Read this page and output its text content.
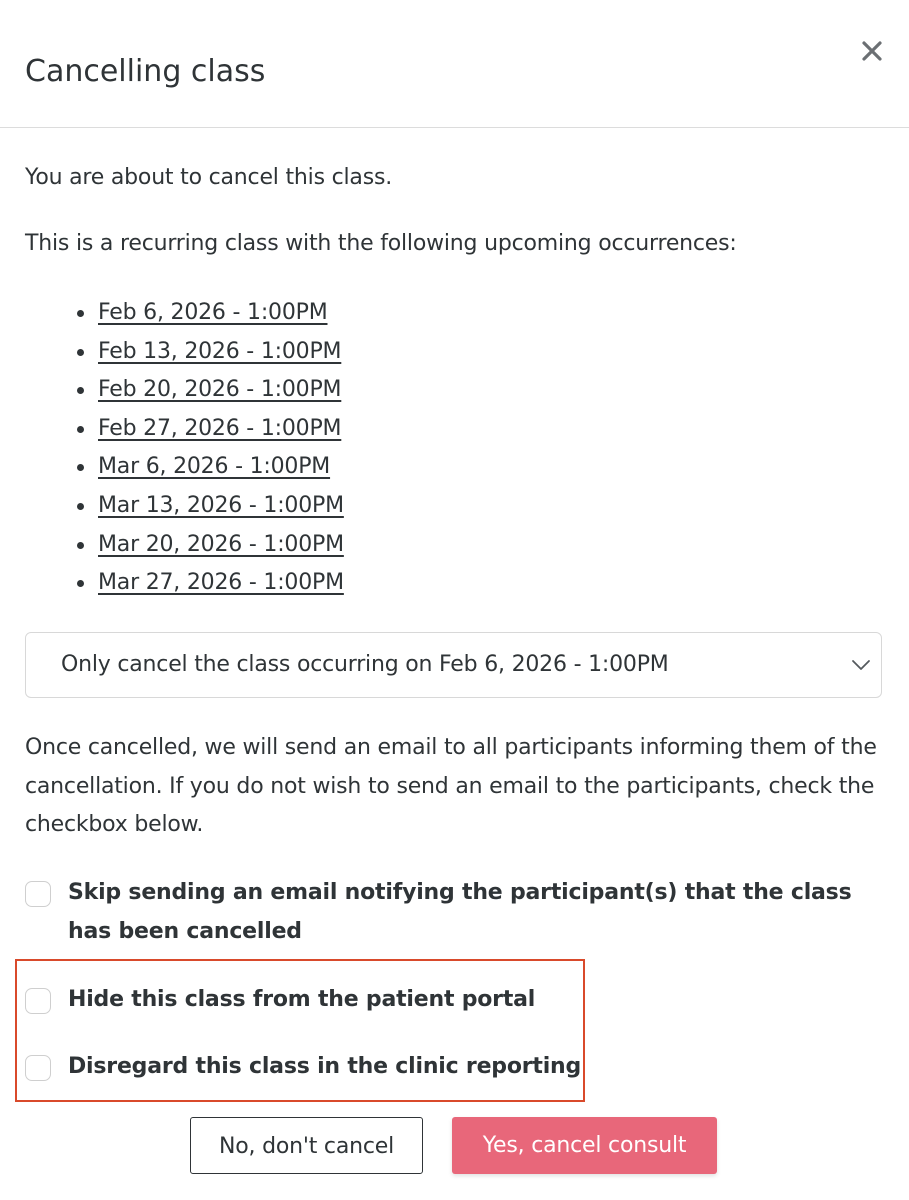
Cancelling class

You are about to cancel this class.

This is a recurring class with the following upcoming occurrences:

Feb 6, 2026 - 1:00PM
Feb 13, 2026 - 1:00PM
Feb 20, 2026 - 1:00PM
Feb 27, 2026 - 1:00PM
Mar 6, 2026 - 1:00PM
Mar 13, 2026 - 1:00PM
Mar 20, 2026 - 1:00PM
Mar 27, 2026 - 1:00PM
Only cancel the class occurring on Feb 6, 2026 - 1:00PM

Once cancelled, we will send an email to all participants informing them of the cancellation. If you do not wish to send an email to the participants, check the checkbox below.

Skip sending an email notifying the participant(s) that the class has been cancelled
Hide this class from the patient portal
Disregard this class in the clinic reporting
No, don't cancel	Yes, cancel consult
